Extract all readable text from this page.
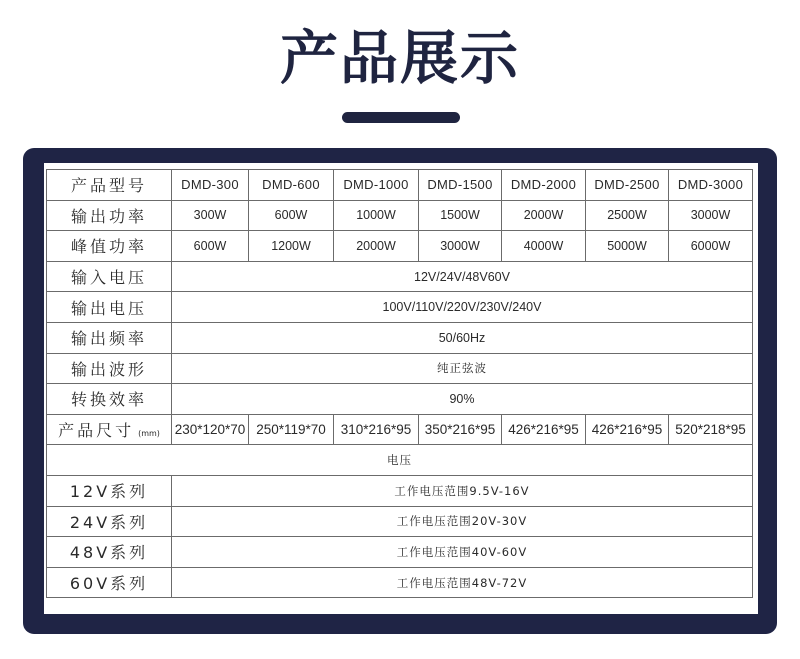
产品展示
产品型号	DMD-300	DMD-600	DMD-1000	DMD-1500	DMD-2000	DMD-2500	DMD-3000
输出功率	300W	600W	1000W	1500W	2000W	2500W	3000W
峰值功率	600W	1200W	2000W	3000W	4000W	5000W	6000W
输入电压	12V/24V/48V60V						
输出电压	100V/110V/220V/230V/240V						
输出频率	50/60Hz						
输出波形	纯正弦波						
转换效率	90%						
产品尺寸 (mm)	230*120*70	250*119*70	310*216*95	350*216*95	426*216*95	426*216*95	520*218*95
电压							
12V系列	工作电压范围9.5V-16V						
24V系列	工作电压范围20V-30V						
48V系列	工作电压范围40V-60V						
60V系列	工作电压范围48V-72V						
